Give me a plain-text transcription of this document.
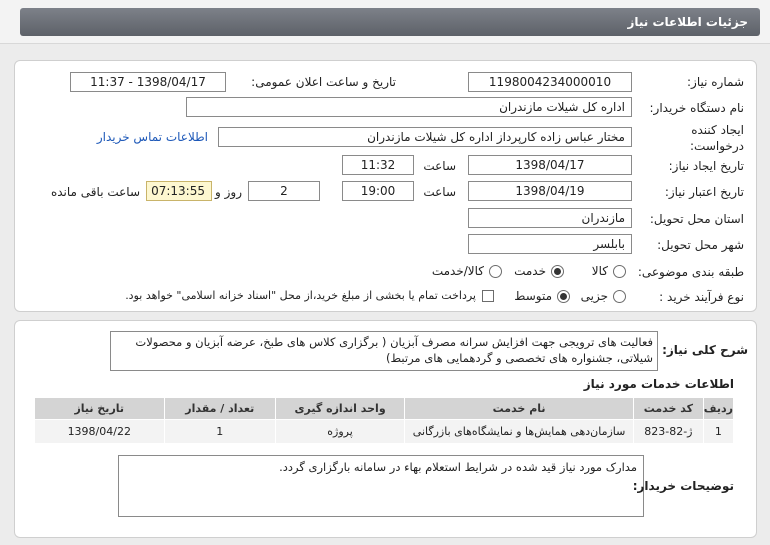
جزئیات اطلاعات نیاز
شماره نیاز:
1198004234000010
تاریخ و ساعت اعلان عمومی:
1398/04/17 - 11:37
نام دستگاه خریدار:
اداره کل شیلات مازندران
ایجاد کننده درخواست:
مختار عباس زاده کارپرداز اداره کل شیلات مازندران
اطلاعات تماس خریدار
تاریخ ایجاد نیاز:
1398/04/17
ساعت
11:32
تاریخ اعتبار نیاز:
1398/04/19
ساعت
19:00
2
روز و
07:13:55
ساعت باقی مانده
استان محل تحویل:
مازندران
شهر محل تحویل:
بابلسر
طبقه بندی موضوعی:
کالا
خدمت
کالا/خدمت
نوع فرآیند خرید :
جزیی
متوسط
پرداخت تمام یا بخشی از مبلغ خرید،از محل "اسناد خزانه اسلامی" خواهد بود.
شرح کلی نیاز:
فعالیت های ترویجی جهت افزایش سرانه مصرف آبزیان ( برگزاری کلاس های طبخ، عرضه آبزیان و محصولات
شیلاتی، جشنواره های تخصصی و گردهمایی های مرتبط)
اطلاعات خدمات مورد نیاز
ردیف	کد خدمت	نام خدمت	واحد اندازه گیری	تعداد / مقدار	تاریخ نیاز
1	ژ-82-823	سازمان‌دهی همایش‌ها و نمایشگاه‌های بازرگانی	پروژه	1	1398/04/22
مدارک مورد نیاز قید شده در شرایط استعلام بهاء در سامانه بارگزاری گردد.
توضیحات خریدار:
